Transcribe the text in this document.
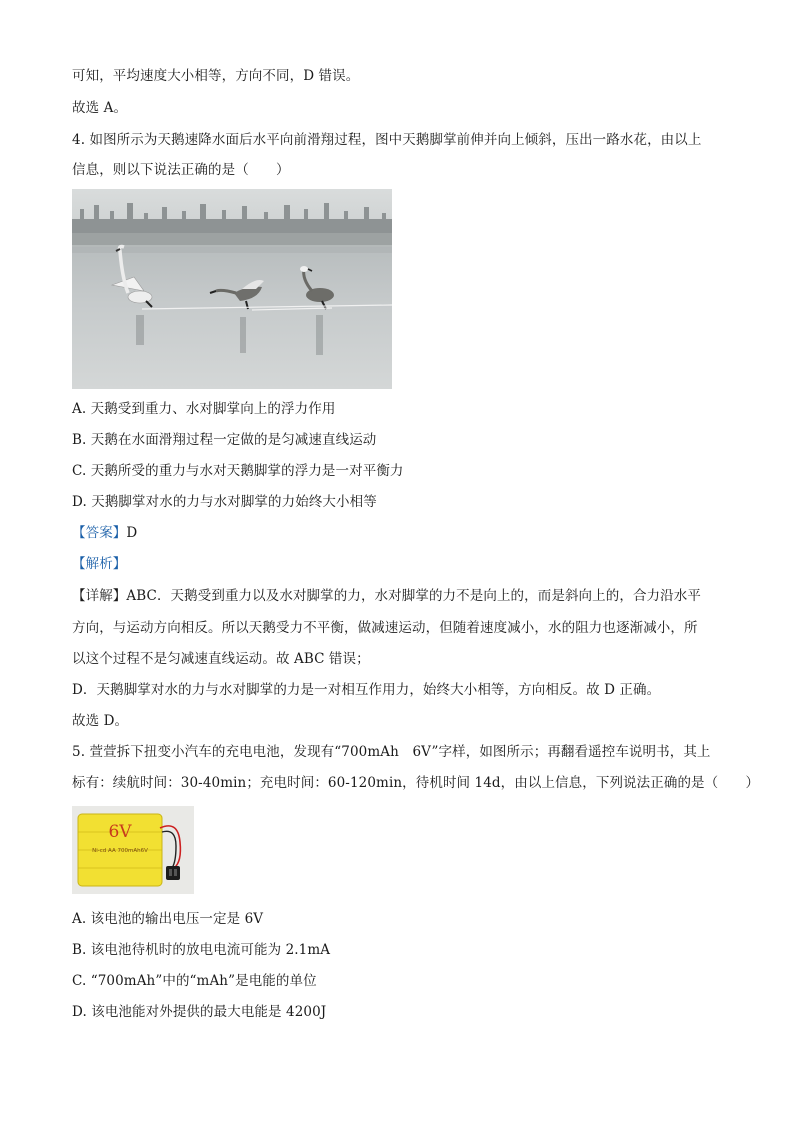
可知，平均速度大小相等，方向不同，D 错误。
故选 A。
4. 如图所示为天鹅速降水面后水平向前滑翔过程，图中天鹅脚掌前伸并向上倾斜，压出一路水花，由以上
信息，则以下说法正确的是（　　）
A. 天鹅受到重力、水对脚掌向上的浮力作用
B. 天鹅在水面滑翔过程一定做的是匀减速直线运动
C. 天鹅所受的重力与水对天鹅脚掌的浮力是一对平衡力
D. 天鹅脚掌对水的力与水对脚掌的力始终大小相等
【答案】D
【解析】
【详解】ABC．天鹅受到重力以及水对脚掌的力，水对脚掌的力不是向上的，而是斜向上的，合力沿水平
方向，与运动方向相反。所以天鹅受力不平衡，做减速运动，但随着速度减小，水的阻力也逐渐减小，所
以这个过程不是匀减速直线运动。故 ABC 错误；
D．天鹅脚掌对水的力与水对脚掌的力是一对相互作用力，始终大小相等，方向相反。故 D 正确。
故选 D。
5. 萱萱拆下扭变小汽车的充电电池，发现有“700mAh　6V”字样，如图所示；再翻看遥控车说明书，其上
标有：续航时间：30-40min；充电时间：60-120min，待机时间 14d，由以上信息，下列说法正确的是（　　）
6V
Ni-cd AA 700mAh6V
A. 该电池的输出电压一定是 6V
B. 该电池待机时的放电电流可能为 2.1mA
C. “700mAh”中的“mAh”是电能的单位
D. 该电池能对外提供的最大电能是 4200J
